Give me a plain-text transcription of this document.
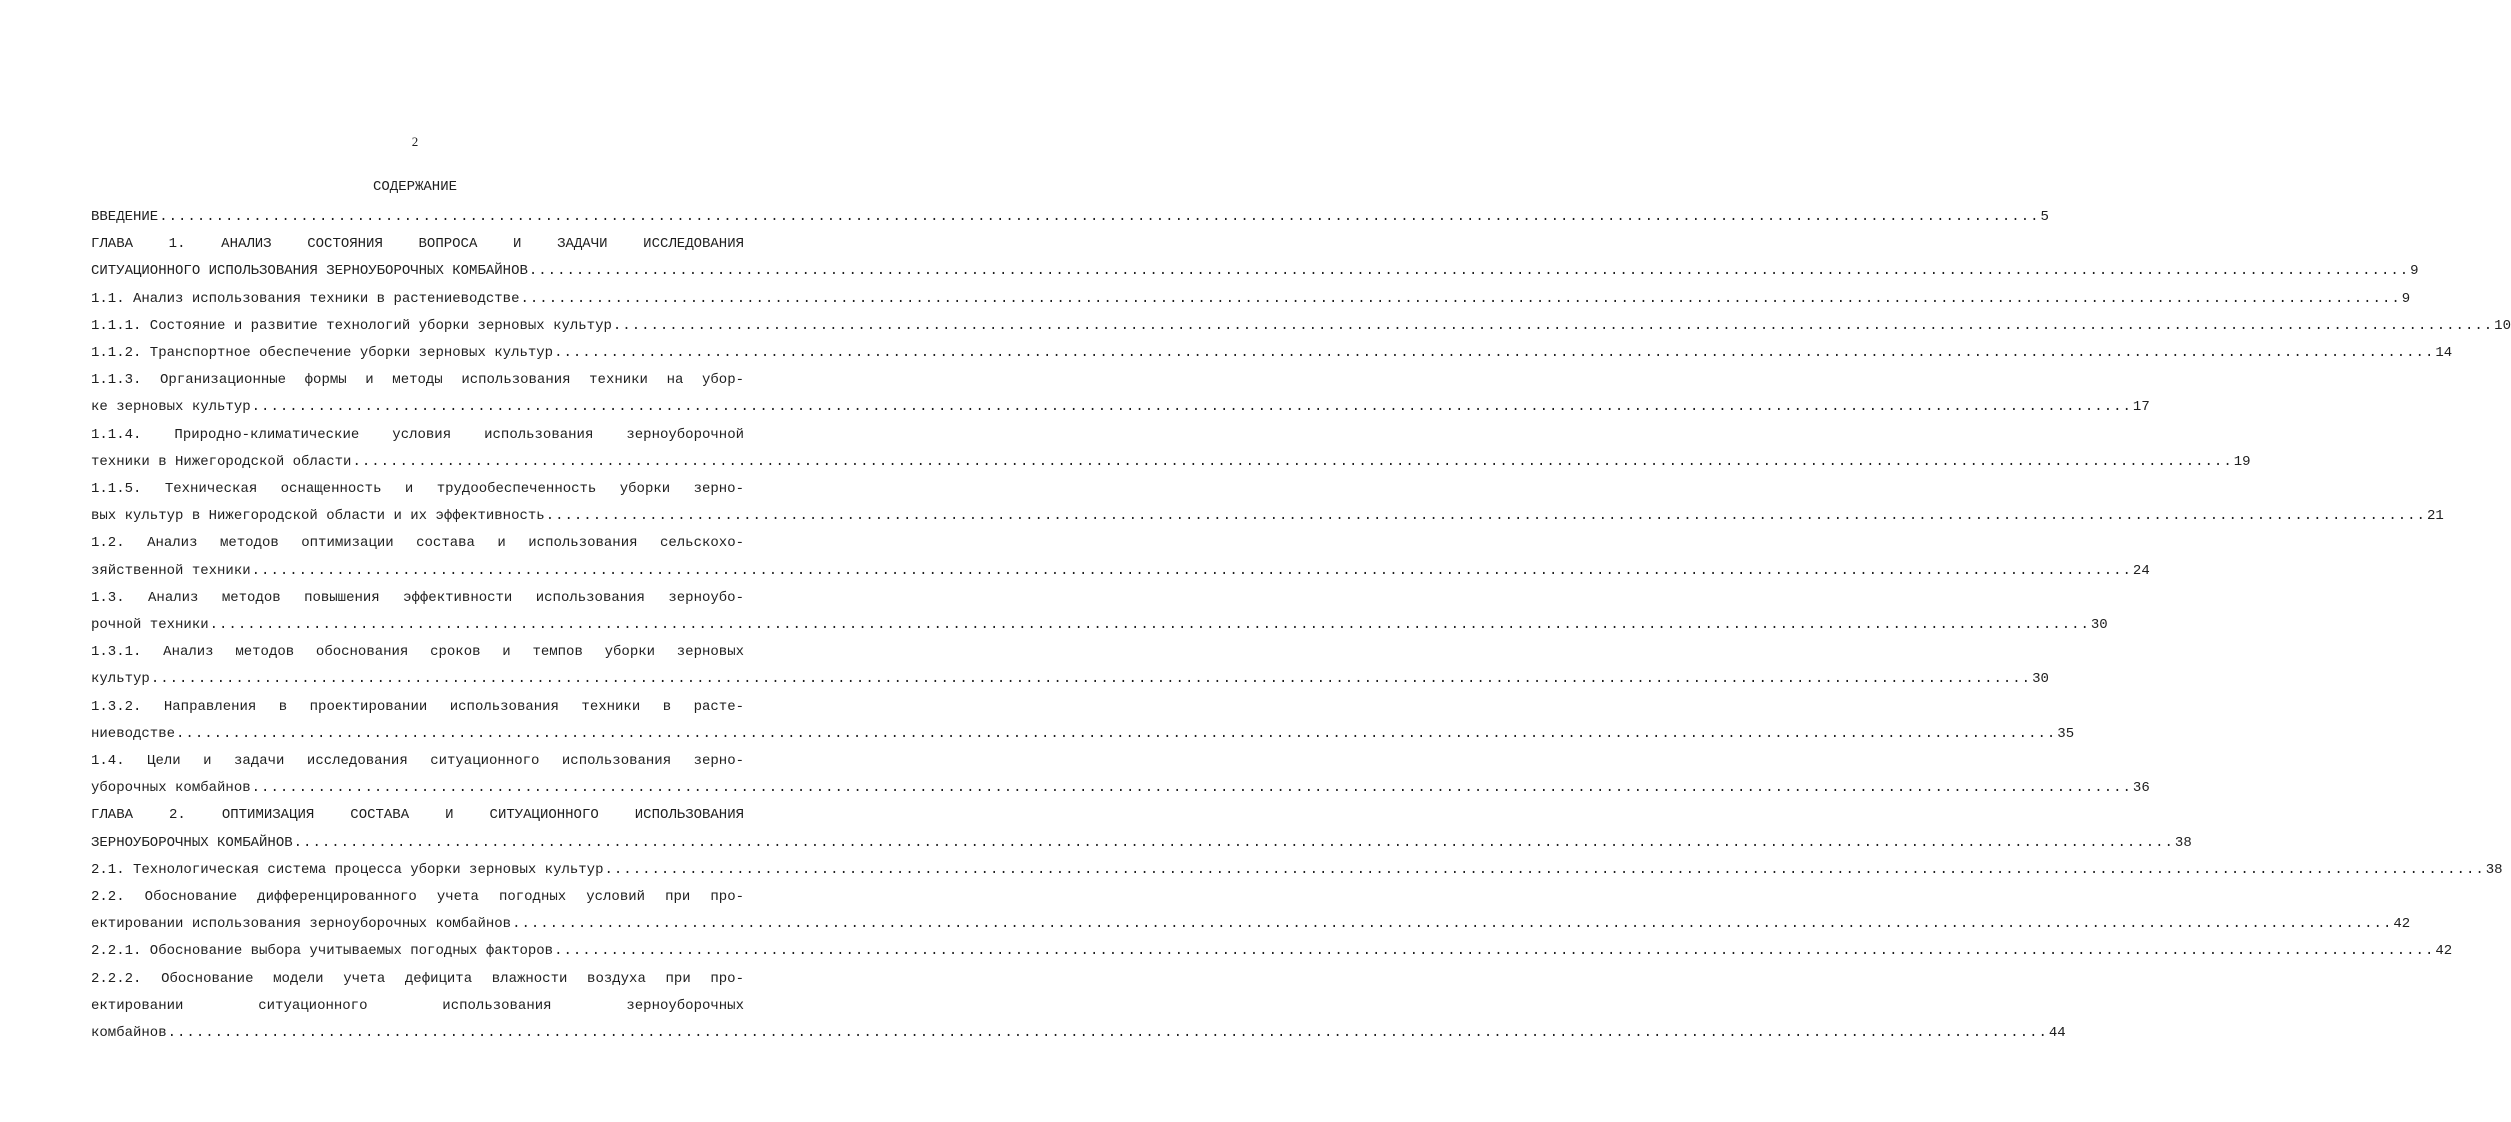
2
СОДЕРЖАНИЕ
ВВЕДЕНИЕ ........................................................................................................................................................................................................ 5
ГЛАВА 1. АНАЛИЗ СОСТОЯНИЯ ВОПРОСА И ЗАДАЧИ ИССЛЕДОВАНИЯ
СИТУАЦИОННОГО ИСПОЛЬЗОВАНИЯ ЗЕРНОУБОРОЧНЫХ КОМБАЙНОВ ........................................................................................................................................................................................................ 9
1.1. Анализ использования техники в растениеводстве ........................................................................................................................................................................................................ 9
1.1.1. Состояние и развитие технологий уборки зерновых культур ........................................................................................................................................................................................................ 10
1.1.2. Транспортное обеспечение уборки зерновых культур ........................................................................................................................................................................................................ 14
1.1.3. Организационные формы и методы использования техники на убор-
ке зерновых культур ........................................................................................................................................................................................................ 17
1.1.4. Природно-климатические условия использования зерноуборочной
техники в Нижегородской области ........................................................................................................................................................................................................ 19
1.1.5. Техническая оснащенность и трудообеспеченность уборки зерно-
вых культур в Нижегородской области и их эффективность ........................................................................................................................................................................................................ 21
1.2. Анализ методов оптимизации состава и использования сельскохо-
зяйственной техники ........................................................................................................................................................................................................ 24
1.3. Анализ методов повышения эффективности использования зерноубо-
рочной техники ........................................................................................................................................................................................................ 30
1.3.1. Анализ методов обоснования сроков и темпов уборки зерновых
культур ........................................................................................................................................................................................................ 30
1.3.2. Направления в проектировании использования техники в расте-
ниеводстве ........................................................................................................................................................................................................ 35
1.4. Цели и задачи исследования ситуационного использования зерно-
уборочных комбайнов ........................................................................................................................................................................................................ 36
ГЛАВА 2. ОПТИМИЗАЦИЯ СОСТАВА И СИТУАЦИОННОГО ИСПОЛЬЗОВАНИЯ
ЗЕРНОУБОРОЧНЫХ КОМБАЙНОВ ........................................................................................................................................................................................................ 38
2.1. Технологическая система процесса уборки зерновых культур ........................................................................................................................................................................................................ 38
2.2. Обоснование дифференцированного учета погодных условий при про-
ектировании использования зерноуборочных комбайнов ........................................................................................................................................................................................................ 42
2.2.1. Обоснование выбора учитываемых погодных факторов ........................................................................................................................................................................................................ 42
2.2.2. Обоснование модели учета дефицита влажности воздуха при про-
ектировании ситуационного использования зерноуборочных
комбайнов ........................................................................................................................................................................................................ 44
